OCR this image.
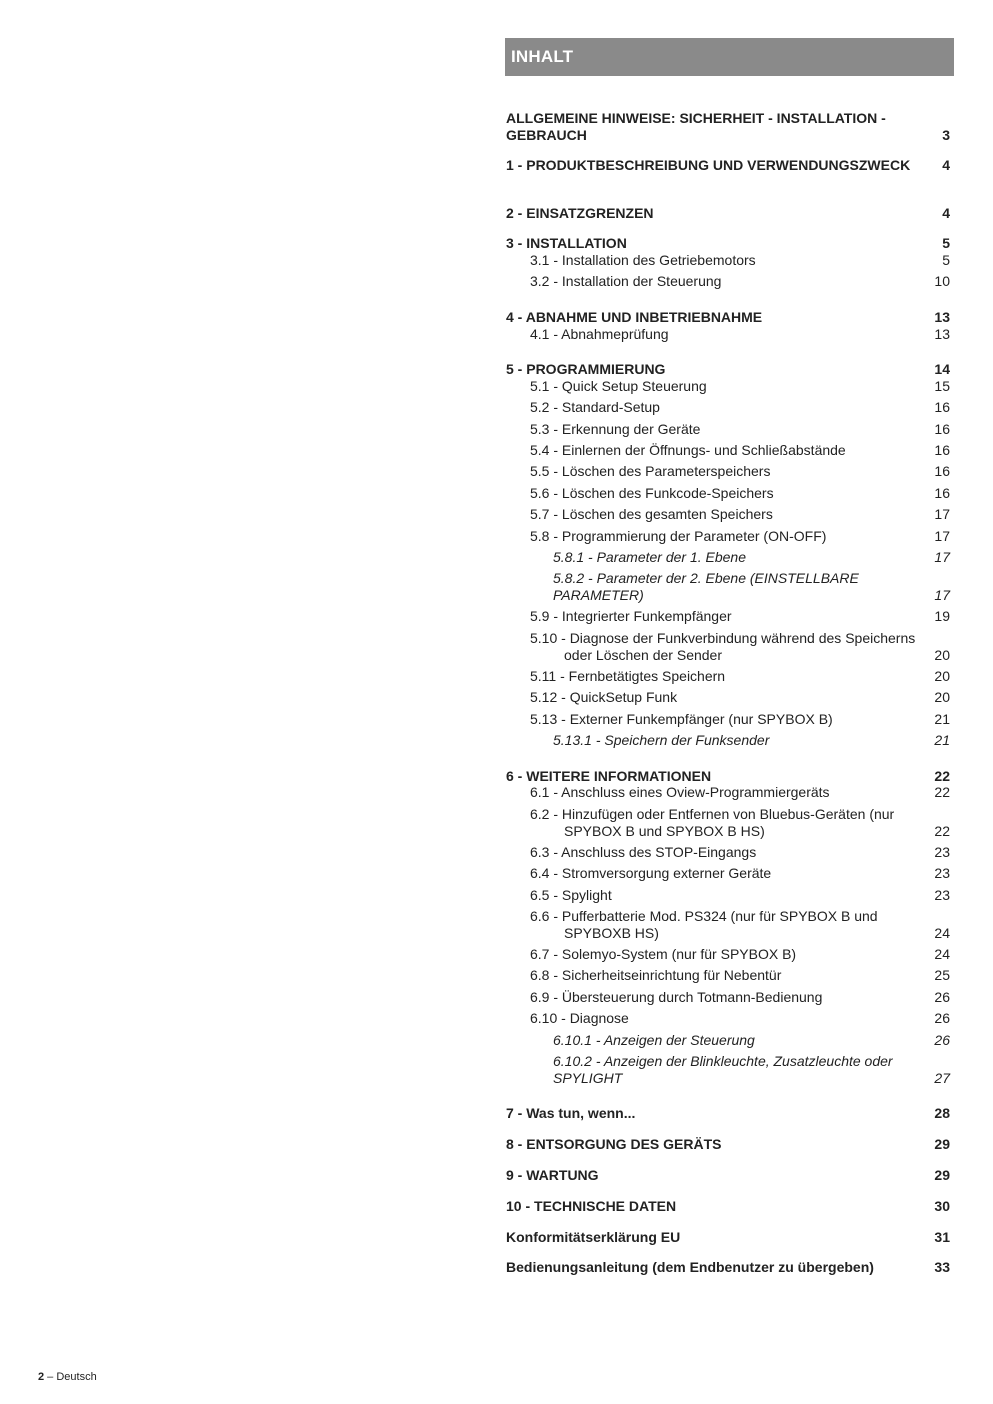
INHALT
ALLGEMEINE HINWEISE: SICHERHEIT - INSTALLATION - GEBRAUCH	3
1 - PRODUKTBESCHREIBUNG UND VERWENDUNGSZWECK	4
2 - EINSATZGRENZEN	4
3 - INSTALLATION	5
3.1 - Installation des Getriebemotors	5
3.2 - Installation der Steuerung	10
4 - ABNAHME UND INBETRIEBNAHME	13
4.1 - Abnahmeprüfung	13
5 - PROGRAMMIERUNG	14
5.1 - Quick Setup Steuerung	15
5.2 - Standard-Setup	16
5.3 - Erkennung der Geräte	16
5.4 - Einlernen der Öffnungs- und Schließabstände	16
5.5 - Löschen des Parameterspeichers	16
5.6 - Löschen des Funkcode-Speichers	16
5.7 - Löschen des gesamten Speichers	17
5.8 - Programmierung der Parameter (ON-OFF)	17
5.8.1 - Parameter der 1. Ebene	17
5.8.2 - Parameter der 2. Ebene (EINSTELLBARE PARAMETER)	17
5.9 - Integrierter Funkempfänger	19
5.10 - Diagnose der Funkverbindung während des Speicherns oder Löschen der Sender	20
5.11 - Fernbetätigtes Speichern	20
5.12 - QuickSetup Funk	20
5.13 - Externer Funkempfänger (nur SPYBOX B)	21
5.13.1 - Speichern der Funksender	21
6 - WEITERE INFORMATIONEN	22
6.1 - Anschluss eines Oview-Programmiergeräts	22
6.2 - Hinzufügen oder Entfernen von Bluebus-Geräten (nur SPYBOX B und SPYBOX B HS)	22
6.3 - Anschluss des STOP-Eingangs	23
6.4 - Stromversorgung externer Geräte	23
6.5 - Spylight	23
6.6 - Pufferbatterie Mod. PS324 (nur für SPYBOX B und SPYBOXB HS)	24
6.7 - Solemyo-System (nur für SPYBOX B)	24
6.8 - Sicherheitseinrichtung für Nebentür	25
6.9 - Übersteuerung durch Totmann-Bedienung	26
6.10 - Diagnose	26
6.10.1 - Anzeigen der Steuerung	26
6.10.2 - Anzeigen der Blinkleuchte, Zusatzleuchte oder SPYLIGHT	27
7 - Was tun, wenn...	28
8 - ENTSORGUNG DES GERÄTS	29
9 - WARTUNG	29
10 - TECHNISCHE DATEN	30
Konformitätserklärung EU	31
Bedienungsanleitung (dem Endbenutzer zu übergeben)	33
2 – Deutsch
